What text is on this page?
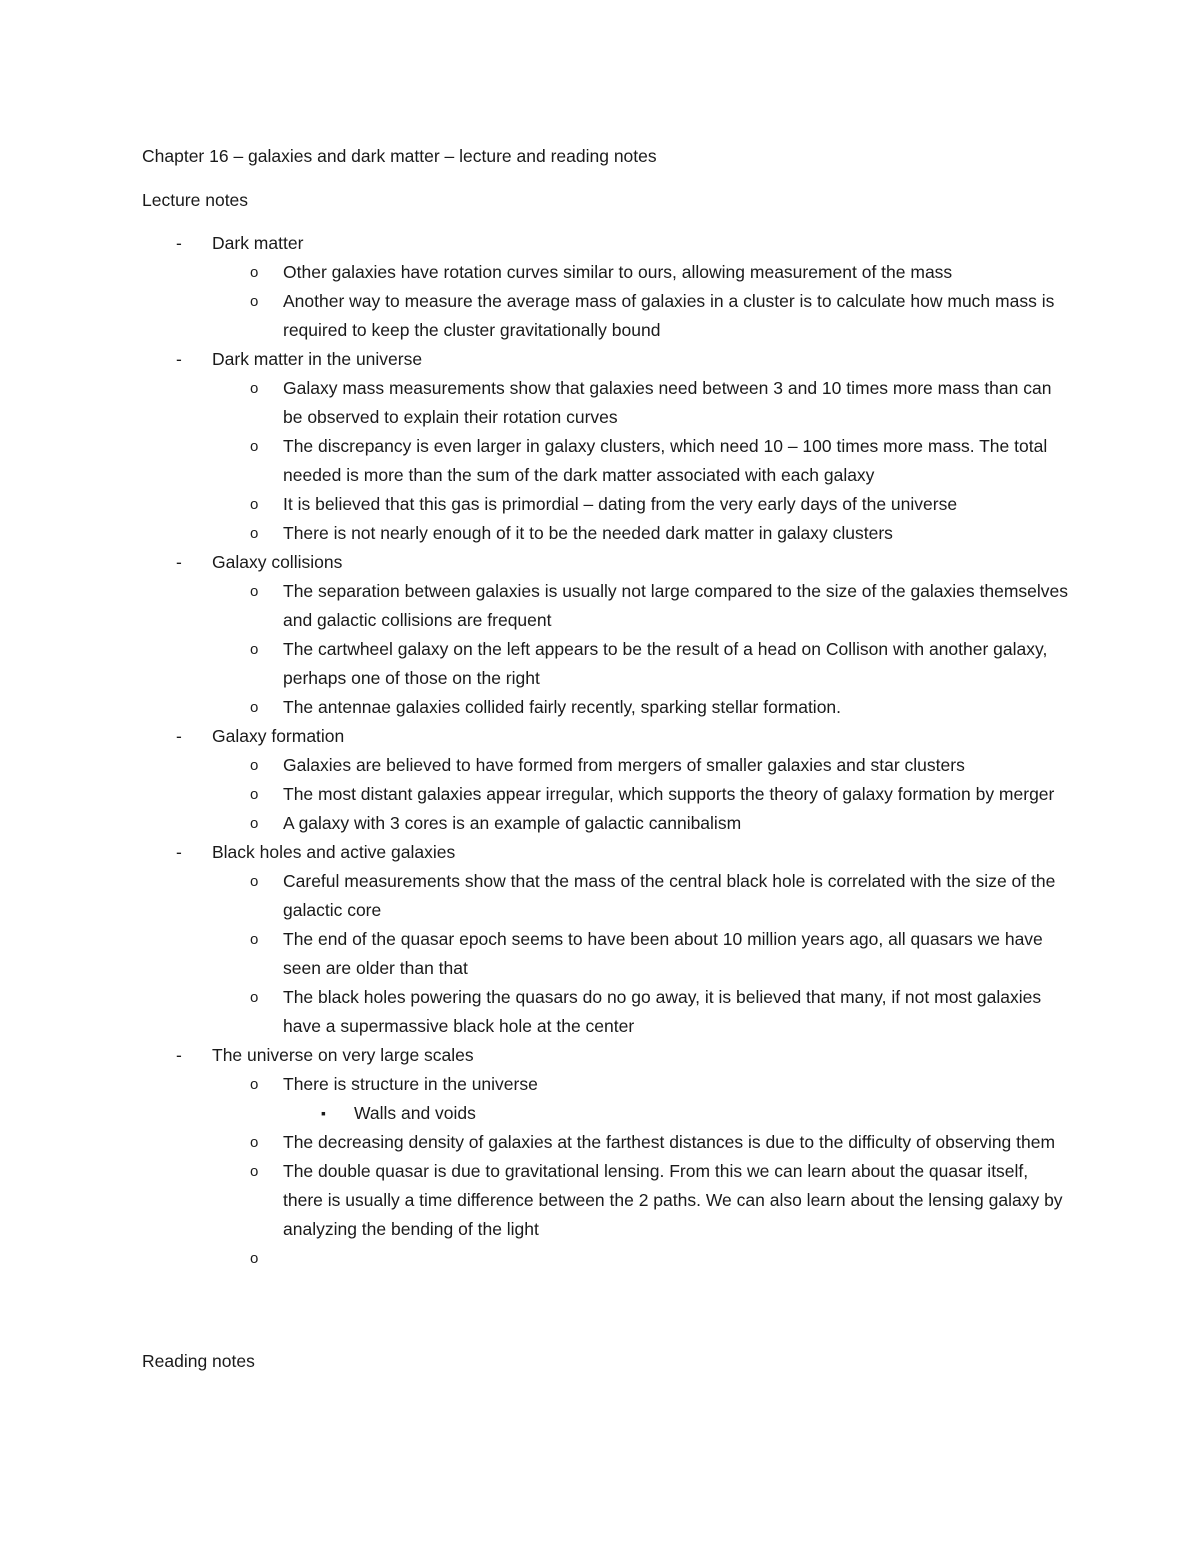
Chapter 16 – galaxies and dark matter – lecture and reading notes
Lecture notes
- Dark matter
o Other galaxies have rotation curves similar to ours, allowing measurement of the mass
o Another way to measure the average mass of galaxies in a cluster is to calculate how much mass is required to keep the cluster gravitationally bound
- Dark matter in the universe
o Galaxy mass measurements show that galaxies need between 3 and 10 times more mass than can be observed to explain their rotation curves
o The discrepancy is even larger in galaxy clusters, which need 10 – 100 times more mass. The total needed is more than the sum of the dark matter associated with each galaxy
o It is believed that this gas is primordial – dating from the very early days of the universe
o There is not nearly enough of it to be the needed dark matter in galaxy clusters
- Galaxy collisions
o The separation between galaxies is usually not large compared to the size of the galaxies themselves and galactic collisions are frequent
o The cartwheel galaxy on the left appears to be the result of a head on Collison with another galaxy, perhaps one of those on the right
o The antennae galaxies collided fairly recently, sparking stellar formation.
- Galaxy formation
o Galaxies are believed to have formed from mergers of smaller galaxies and star clusters
o The most distant galaxies appear irregular, which supports the theory of galaxy formation by merger
o A galaxy with 3 cores is an example of galactic cannibalism
- Black holes and active galaxies
o Careful measurements show that the mass of the central black hole is correlated with the size of the galactic core
o The end of the quasar epoch seems to have been about 10 million years ago, all quasars we have seen are older than that
o The black holes powering the quasars do no go away, it is believed that many, if not most galaxies have a supermassive black hole at the center
- The universe on very large scales
o There is structure in the universe
▪ Walls and voids
o The decreasing density of galaxies at the farthest distances is due to the difficulty of observing them
o The double quasar is due to gravitational lensing. From this we can learn about the quasar itself, there is usually a time difference between the 2 paths. We can also learn about the lensing galaxy by analyzing the bending of the light
o

Reading notes
